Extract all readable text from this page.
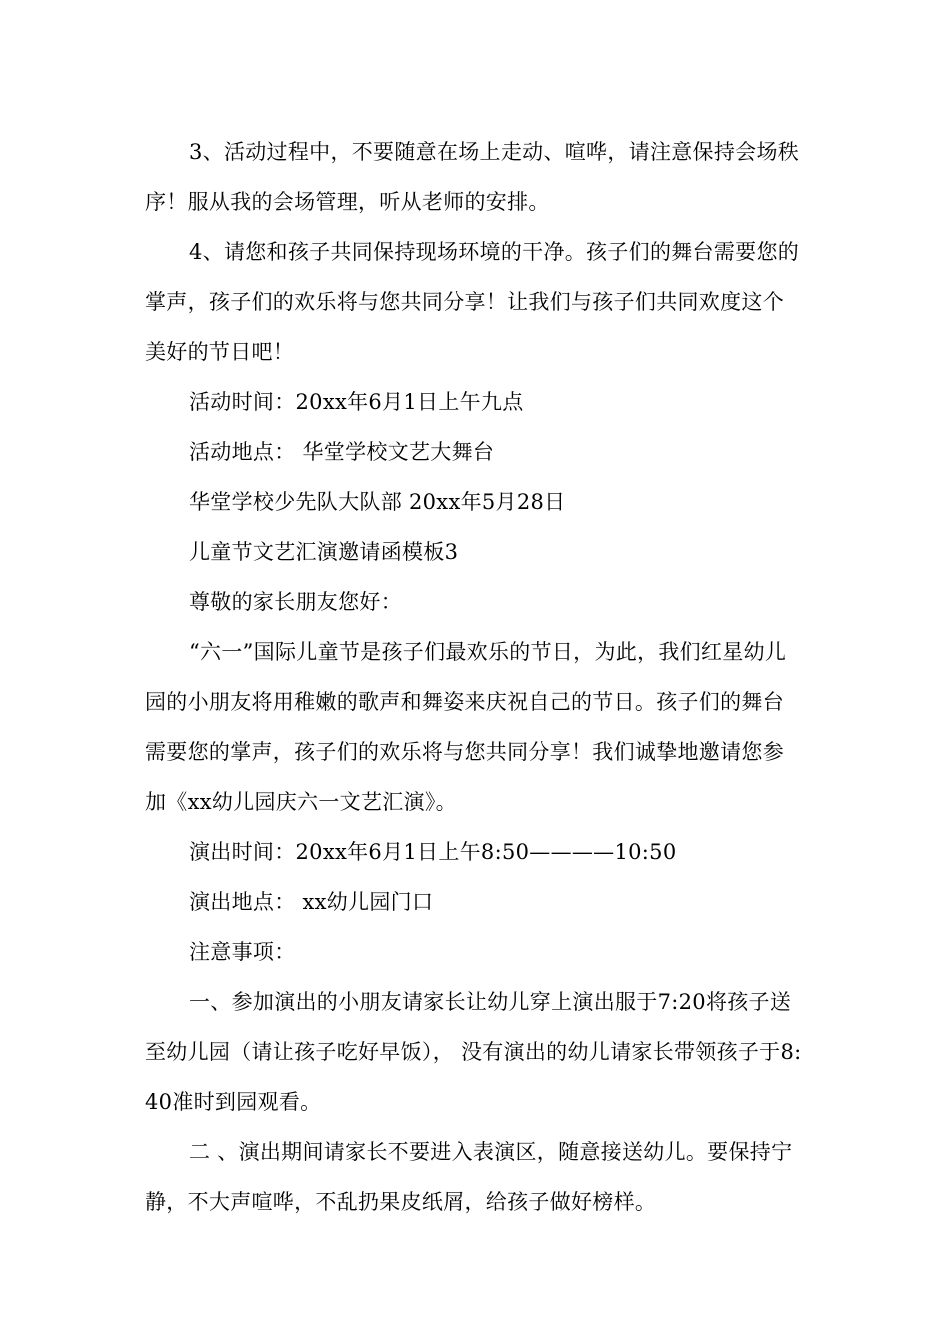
3、活动过程中，不要随意在场上走动、喧哗，请注意保持会场秩序！服从我的会场管理，听从老师的安排。

4、请您和孩子共同保持现场环境的干净。孩子们的舞台需要您的掌声，孩子们的欢乐将与您共同分享！让我们与孩子们共同欢度这个美好的节日吧！

活动时间：20xx年6月1日上午九点

活动地点： 华堂学校文艺大舞台

华堂学校少先队大队部 20xx年5月28日

儿童节文艺汇演邀请函模板3

尊敬的家长朋友您好：

“六一”国际儿童节是孩子们最欢乐的节日，为此，我们红星幼儿园的小朋友将用稚嫩的歌声和舞姿来庆祝自己的节日。孩子们的舞台需要您的掌声，孩子们的欢乐将与您共同分享！我们诚挚地邀请您参加《xx幼儿园庆六一文艺汇演》。

演出时间：20xx年6月1日上午8:50————10:50

演出地点： xx幼儿园门口

注意事项：

一、参加演出的小朋友请家长让幼儿穿上演出服于7:20将孩子送至幼儿园（请让孩子吃好早饭）， 没有演出的幼儿请家长带领孩子于8:40准时到园观看。

二 、演出期间请家长不要进入表演区，随意接送幼儿。要保持宁静，不大声喧哗，不乱扔果皮纸屑，给孩子做好榜样。
